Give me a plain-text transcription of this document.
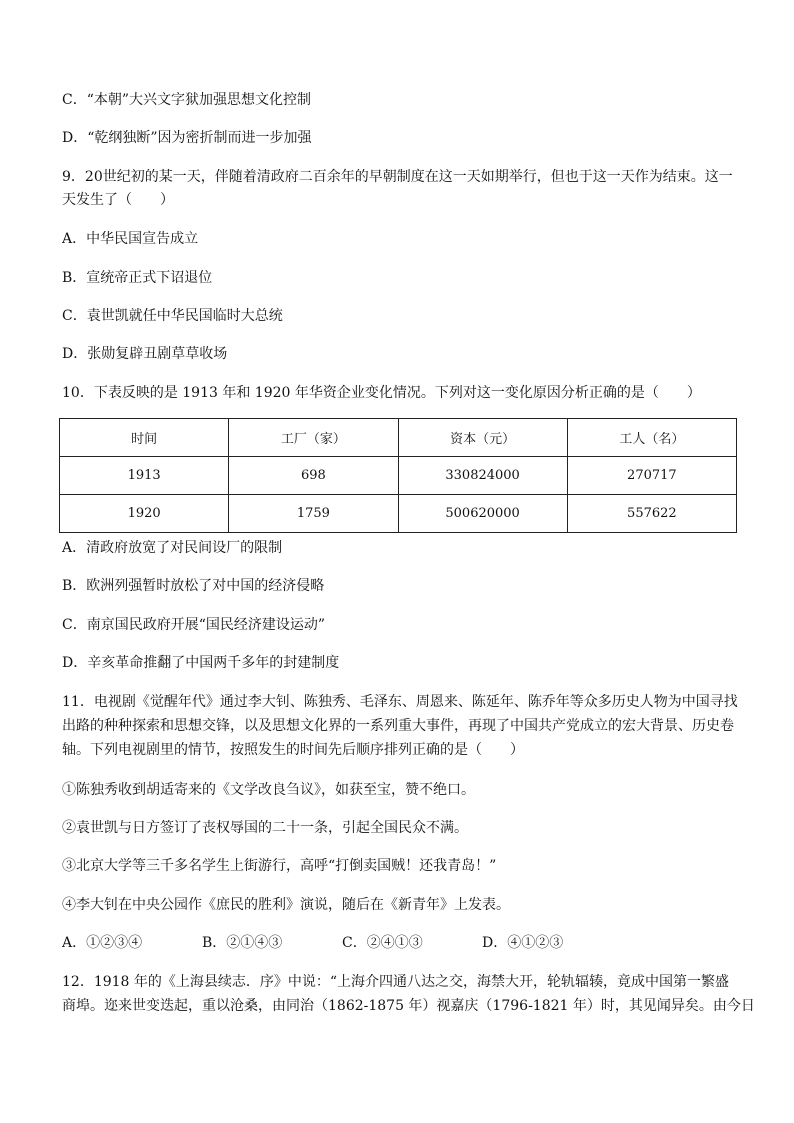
C．“本朝”大兴文字狱加强思想文化控制
D．“乾纲独断”因为密折制而进一步加强
9．20世纪初的某一天，伴随着清政府二百余年的早朝制度在这一天如期举行，但也于这一天作为结束。这一
天发生了（　　）
A．中华民国宣告成立
B．宣统帝正式下诏退位
C．袁世凯就任中华民国临时大总统
D．张勋复辟丑剧草草收场
10．下表反映的是 1913 年和 1920 年华资企业变化情况。下列对这一变化原因分析正确的是（　　）
时间	工厂（家）	资本（元）	工人（名）
1913	698	330824000	270717
1920	1759	500620000	557622
A．清政府放宽了对民间设厂的限制
B．欧洲列强暂时放松了对中国的经济侵略
C．南京国民政府开展“国民经济建设运动”
D．辛亥革命推翻了中国两千多年的封建制度
11．电视剧《觉醒年代》通过李大钊、陈独秀、毛泽东、周恩来、陈延年、陈乔年等众多历史人物为中国寻找
出路的种种探索和思想交锋，以及思想文化界的一系列重大事件，再现了中国共产党成立的宏大背景、历史卷
轴。下列电视剧里的情节，按照发生的时间先后顺序排列正确的是（　　）
①陈独秀收到胡适寄来的《文学改良刍议》，如获至宝，赞不绝口。
②袁世凯与日方签订了丧权辱国的二十一条，引起全国民众不满。
③北京大学等三千多名学生上街游行，高呼“打倒卖国贼！还我青岛！”
④李大钊在中央公园作《庶民的胜利》演说，随后在《新青年》上发表。
A．①②③④	B．②①④③	C．②④①③	D．④①②③
12．1918 年的《上海县续志．序》中说：“上海介四通八达之交，海禁大开，轮轨辐辏，竟成中国第一繁盛
商埠。迩来世变迭起，重以沧桑，由同治（1862-1875 年）视嘉庆（1796-1821 年）时，其见闻异矣。由今日
